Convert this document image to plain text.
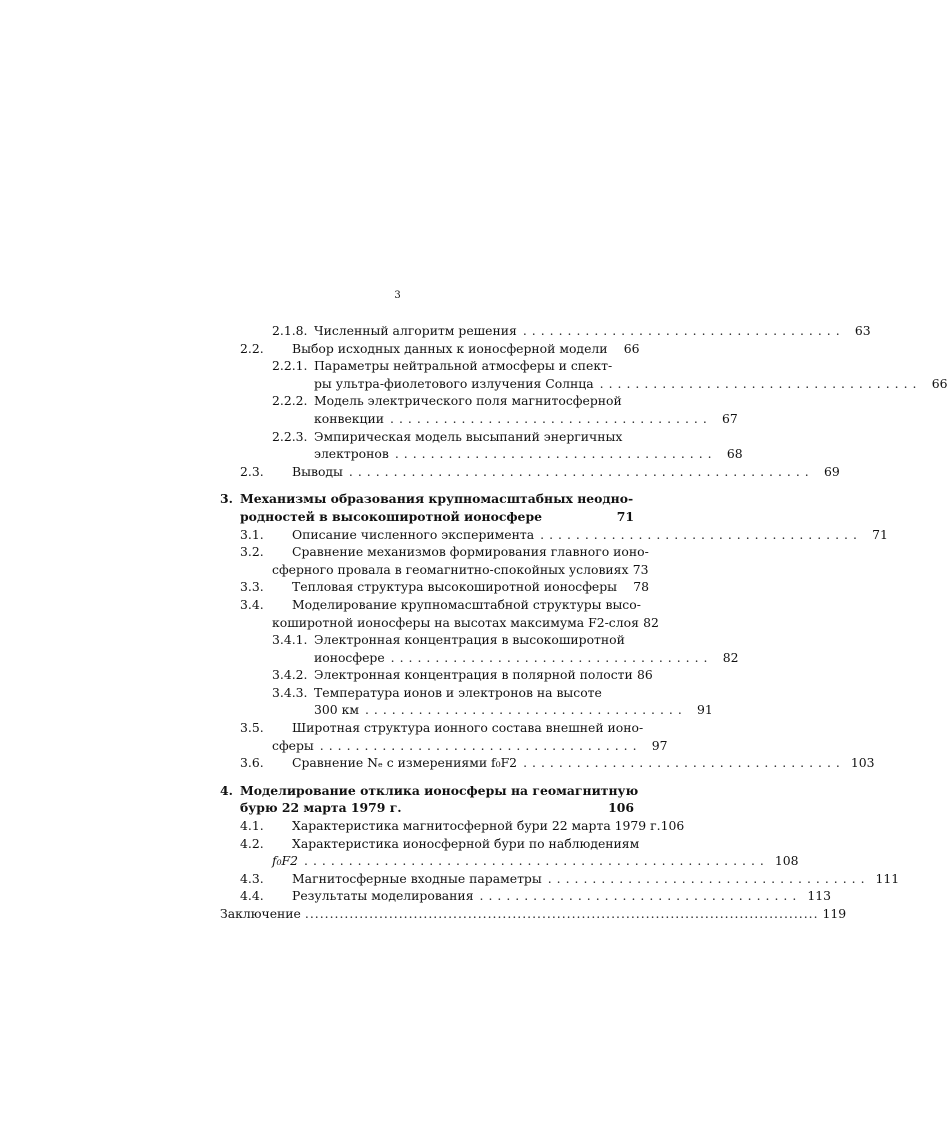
3
2.1.8. Численный алгоритм решения .................................... 63
2.2.	Выбор исходных данных к ионосферной модели	66
2.2.1. Параметры нейтральной атмосферы и спект-
ры ультра-фиолетового излучения Солнца .................................... 66
2.2.2. Модель электрического поля магнитосферной
конвекции .................................... 67
2.2.3. Эмпирическая модель высыпаний энергичных
электронов .................................... 68
2.3.	Выводы .................................................... 69
3. Механизмы образования крупномасштабных неодно-
родностей в высокоширотной ионосфере	71
3.1.	Описание численного эксперимента .................................... 71
3.2.	Сравнение механизмов формирования главного ионо-
сферного провала в геомагнитно-спокойных условиях 73
3.3.	Тепловая структура высокоширотной ионосферы	78
3.4.	Моделирование крупномасштабной структуры высо-
коширотной ионосферы на высотах максимума F2-слоя 82
3.4.1. Электронная концентрация в высокоширотной
ионосфере .................................... 82
3.4.2. Электронная концентрация в полярной полости 86
3.4.3. Температура ионов и электронов на высоте
300 км .................................... 91
3.5.	Широтная структура ионного состава внешней ионо-
сферы .................................... 97
3.6.	Сравнение Nₑ с измерениями f₀F2 .................................... 103
4. Моделирование отклика ионосферы на геомагнитную
бурю 22 марта 1979 г.	106
4.1.	Характеристика магнитосферной бури 22 марта 1979 г. 106
4.2.	Характеристика ионосферной бури по наблюдениям
f₀F2 .................................................... 108
4.3.	Магнитосферные входные параметры .................................... 111
4.4.	Результаты моделирования .................................... 113
Заключение ........................................................................................................ 119
